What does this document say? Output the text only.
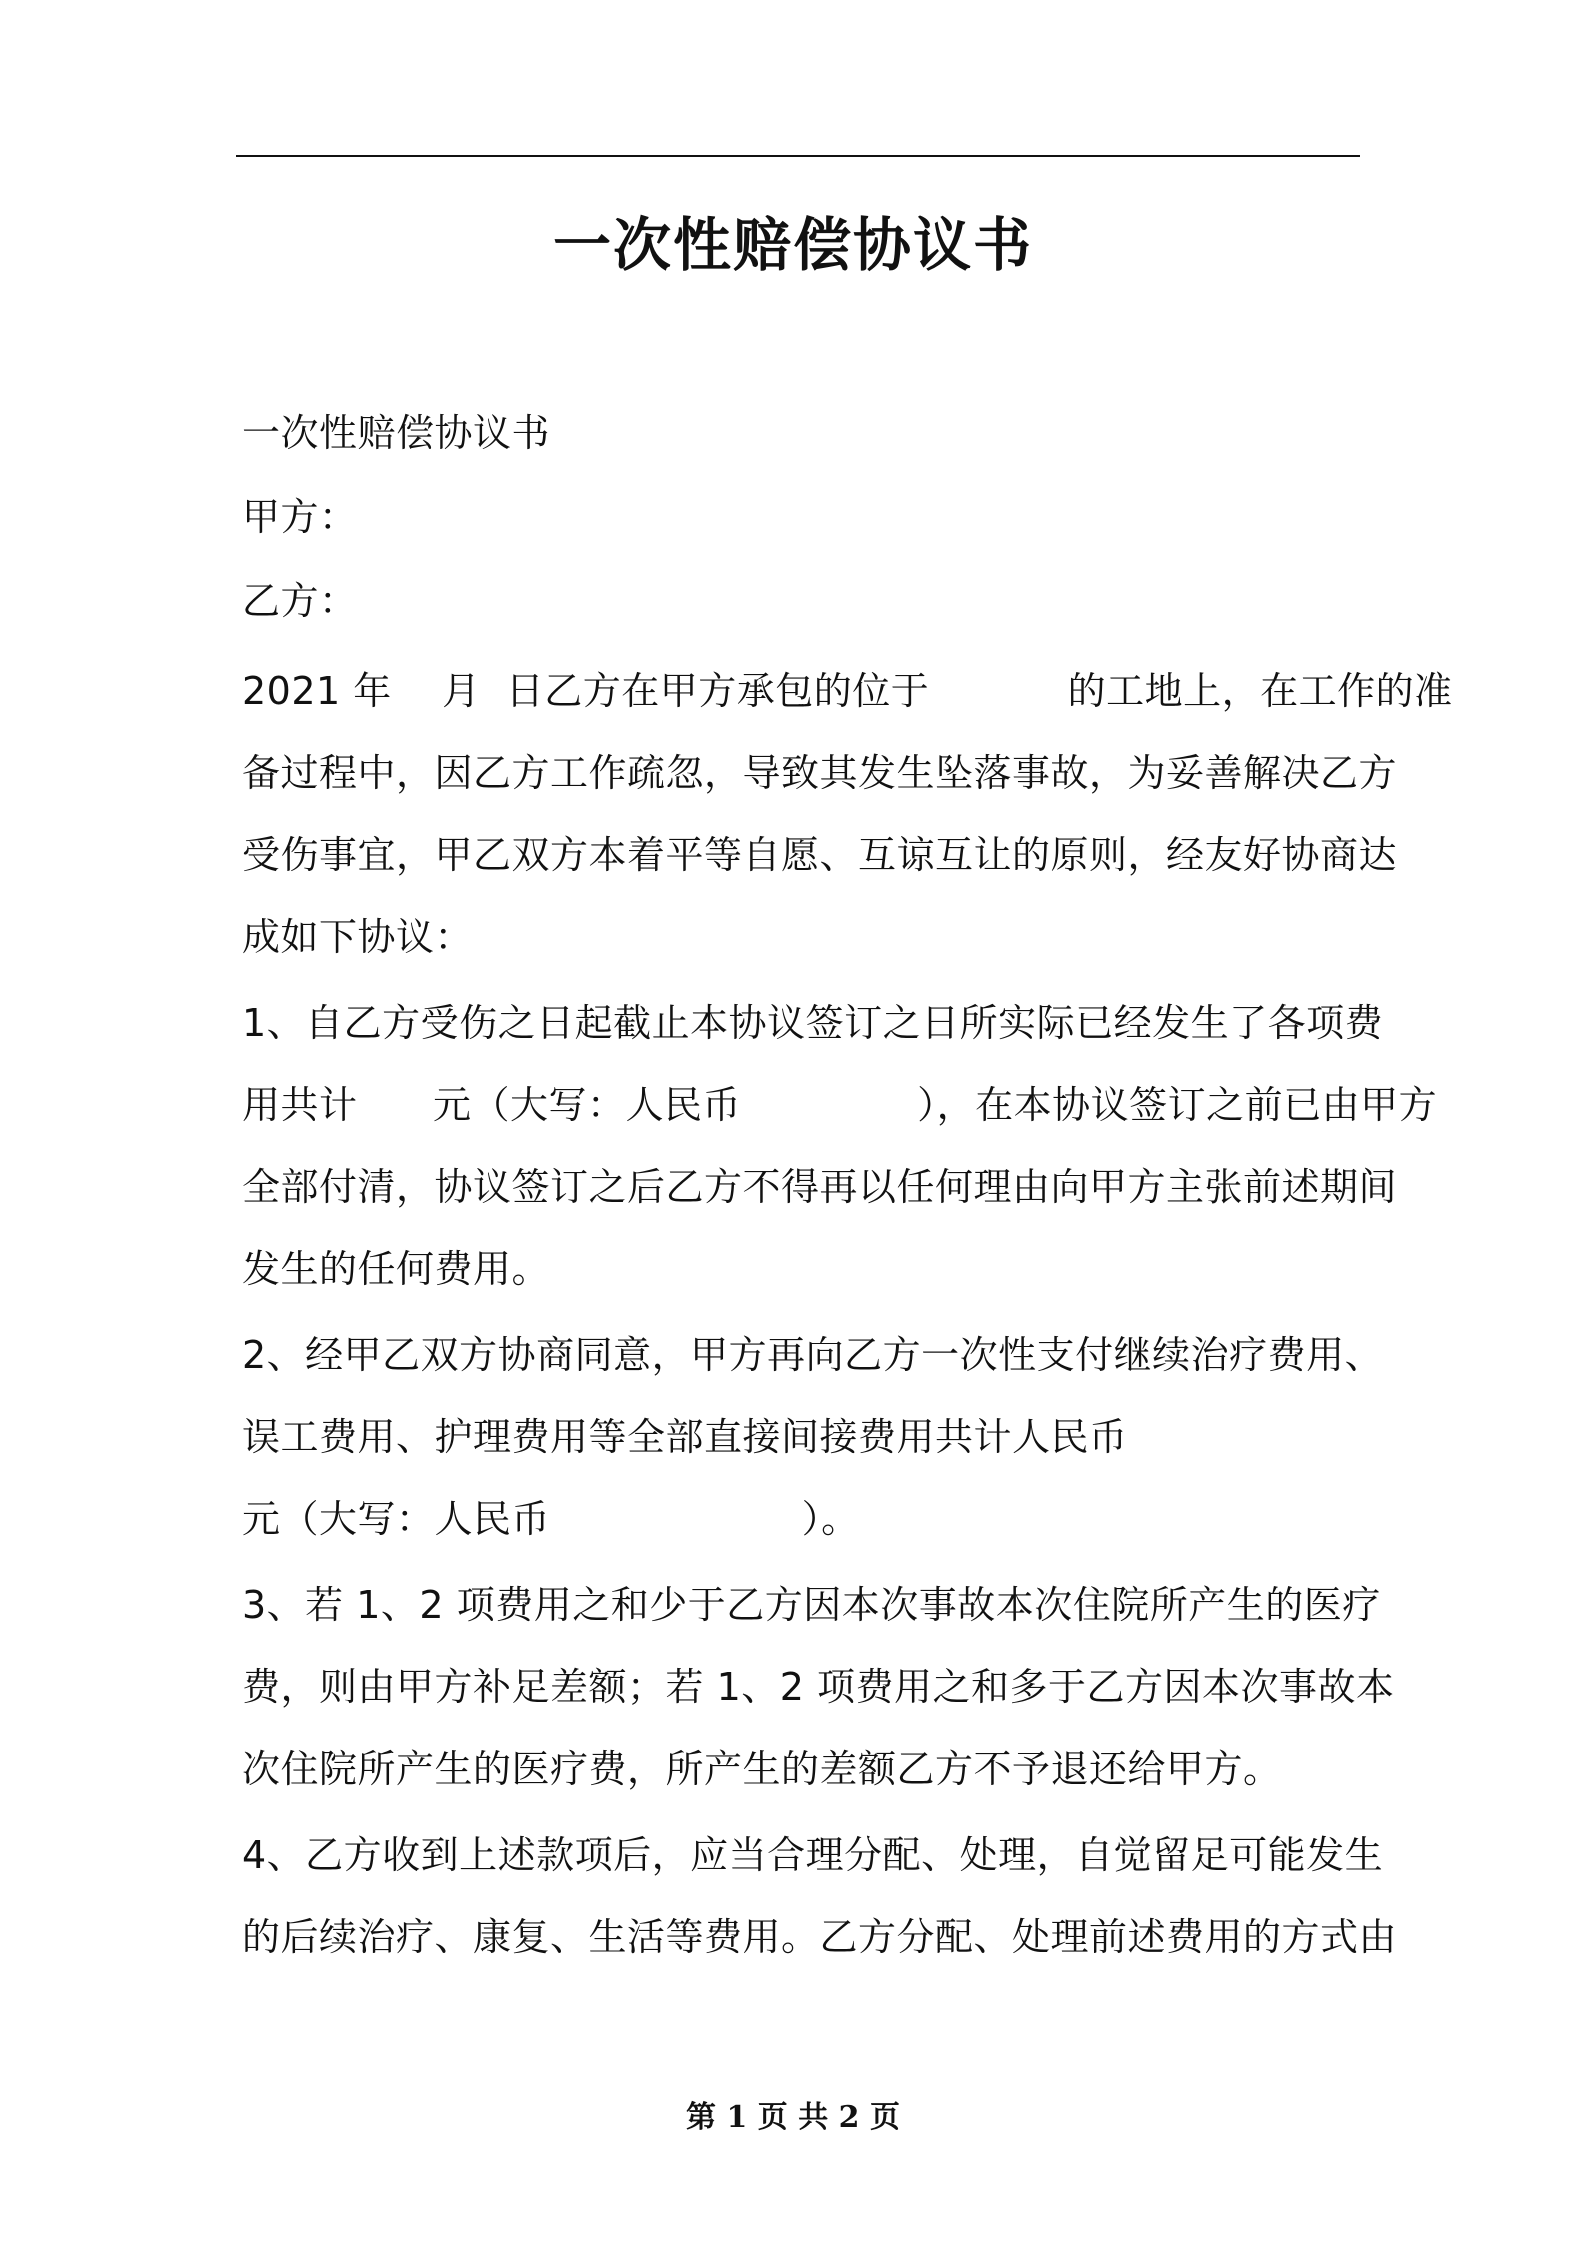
一次性赔偿协议书
一次性赔偿协议书
甲方：
乙方：
2021 年    月  日乙方在甲方承包的位于           的工地上，在工作的准
备过程中，因乙方工作疏忽，导致其发生坠落事故，为妥善解决乙方
受伤事宜，甲乙双方本着平等自愿、互谅互让的原则，经友好协商达
成如下协议：
1、自乙方受伤之日起截止本协议签订之日所实际已经发生了各项费
用共计      元（大写：人民币              ），在本协议签订之前已由甲方
全部付清，协议签订之后乙方不得再以任何理由向甲方主张前述期间
发生的任何费用。
2、经甲乙双方协商同意，甲方再向乙方一次性支付继续治疗费用、
误工费用、护理费用等全部直接间接费用共计人民币
元（大写：人民币                    ）。
3、若 1、2 项费用之和少于乙方因本次事故本次住院所产生的医疗
费，则由甲方补足差额；若 1、2 项费用之和多于乙方因本次事故本
次住院所产生的医疗费，所产生的差额乙方不予退还给甲方。
4、乙方收到上述款项后，应当合理分配、处理，自觉留足可能发生
的后续治疗、康复、生活等费用。乙方分配、处理前述费用的方式由
第 1 页 共 2 页
